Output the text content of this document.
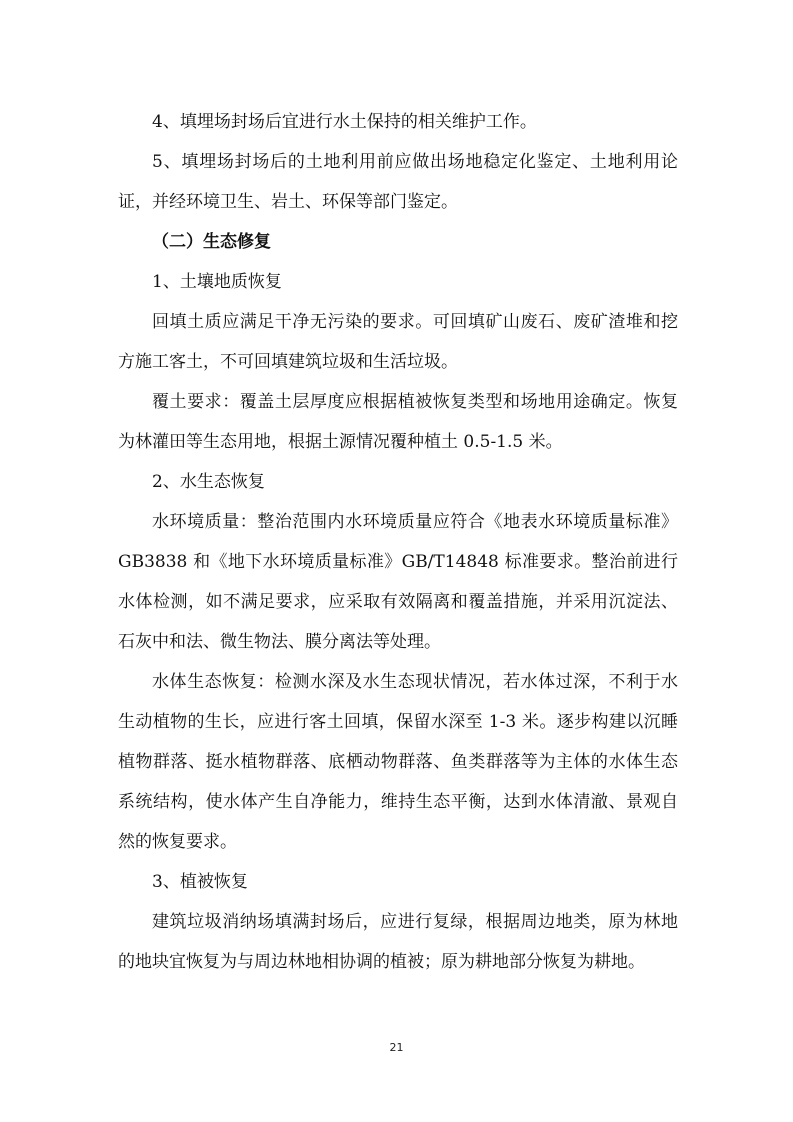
4、填埋场封场后宜进行水土保持的相关维护工作。

5、填埋场封场后的土地利用前应做出场地稳定化鉴定、土地利用论证，并经环境卫生、岩土、环保等部门鉴定。

（二）生态修复

1、土壤地质恢复

回填土质应满足干净无污染的要求。可回填矿山废石、废矿渣堆和挖方施工客土，不可回填建筑垃圾和生活垃圾。

覆土要求：覆盖土层厚度应根据植被恢复类型和场地用途确定。恢复为林灌田等生态用地，根据土源情况覆种植土 0.5-1.5 米。

2、水生态恢复

水环境质量：整治范围内水环境质量应符合《地表水环境质量标准》GB3838 和《地下水环境质量标准》GB/T14848 标准要求。整治前进行水体检测，如不满足要求，应采取有效隔离和覆盖措施，并采用沉淀法、石灰中和法、微生物法、膜分离法等处理。

水体生态恢复：检测水深及水生态现状情况，若水体过深，不利于水生动植物的生长，应进行客土回填，保留水深至 1-3 米。逐步构建以沉睡植物群落、挺水植物群落、底栖动物群落、鱼类群落等为主体的水体生态系统结构，使水体产生自净能力，维持生态平衡，达到水体清澈、景观自然的恢复要求。

3、植被恢复

建筑垃圾消纳场填满封场后，应进行复绿，根据周边地类，原为林地的地块宜恢复为与周边林地相协调的植被；原为耕地部分恢复为耕地。

21
